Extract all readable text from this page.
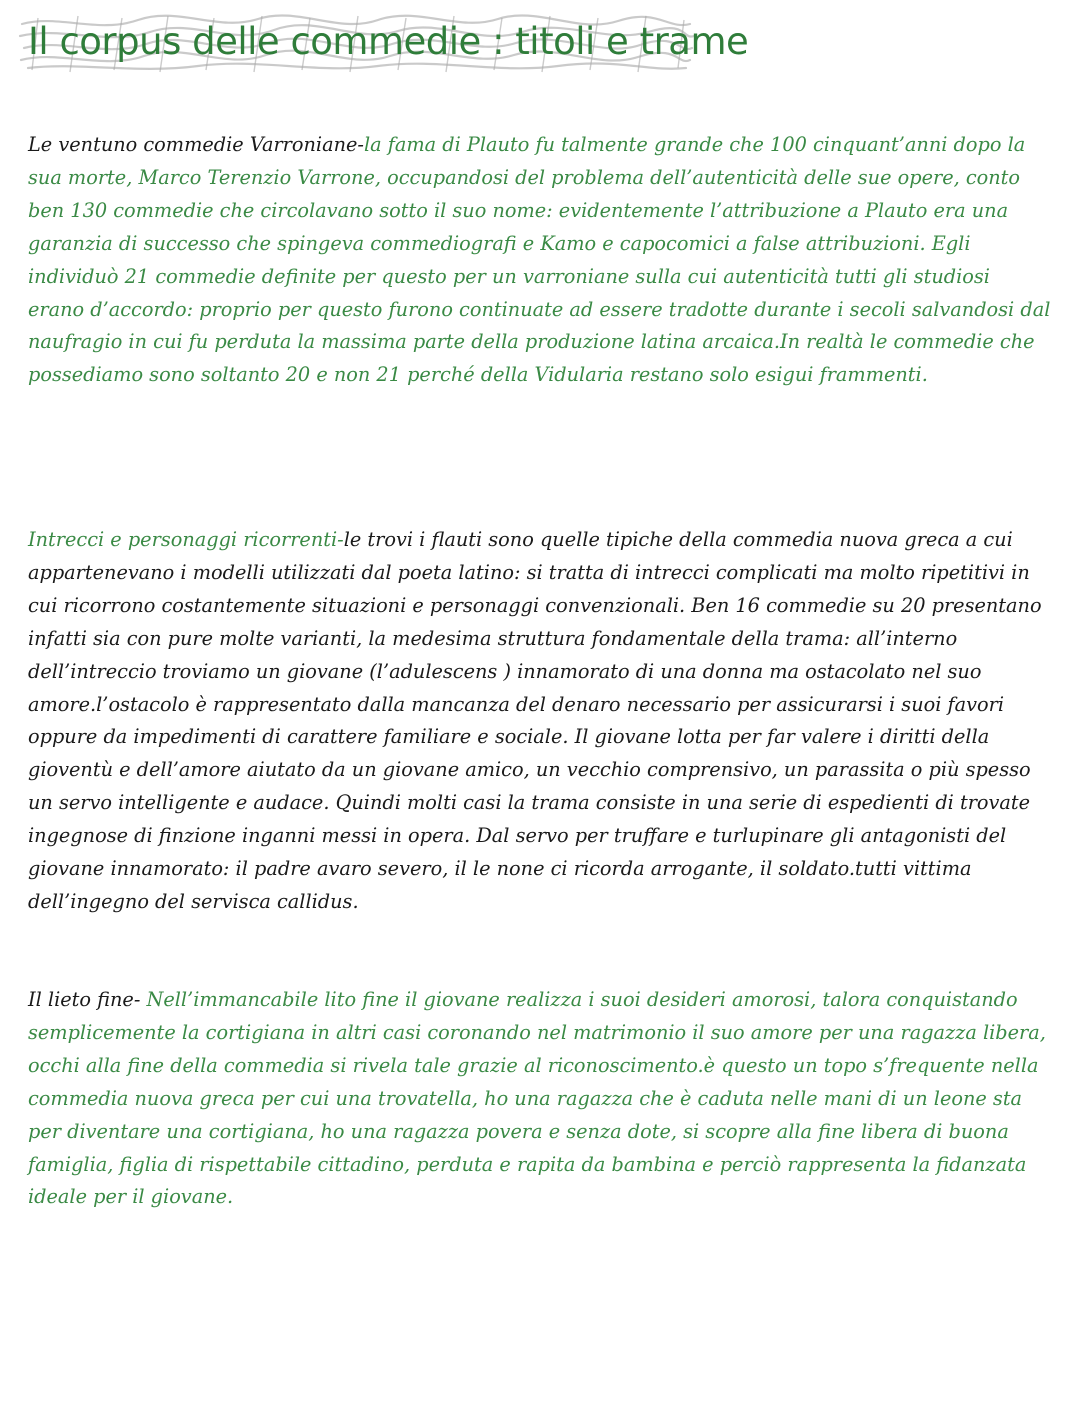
Il corpus delle commedie : titoli e trame

Le ventuno commedie Varroniane-la fama di Plauto fu talmente grande che 100 cinquant’anni dopo la sua morte, Marco Terenzio Varrone, occupandosi del problema dell’autenticità delle sue opere, conto ben 130 commedie che circolavano sotto il suo nome: evidentemente l’attribuzione a Plauto era una garanzia di successo che spingeva commediografi e Kamo e capocomici a false attribuzioni. Egli individuò 21 commedie definite per questo per un varroniane sulla cui autenticità tutti gli studiosi erano d’accordo: proprio per questo furono continuate ad essere tradotte durante i secoli salvandosi dal naufragio in cui fu perduta la massima parte della produzione latina arcaica.In realtà le commedie che possediamo sono soltanto 20 e non 21 perché della Vidularia restano solo esigui frammenti.

Intrecci e personaggi ricorrenti-le trovi i flauti sono quelle tipiche della commedia nuova greca a cui appartenevano i modelli utilizzati dal poeta latino: si tratta di intrecci complicati ma molto ripetitivi in cui ricorrono costantemente situazioni e personaggi convenzionali. Ben 16 commedie su 20 presentano infatti sia con pure molte varianti, la medesima struttura fondamentale della trama: all’interno dell’intreccio troviamo un giovane (l’adulescens ) innamorato di una donna ma ostacolato nel suo amore.l’ostacolo è rappresentato dalla mancanza del denaro necessario per assicurarsi i suoi favori oppure da impedimenti di carattere familiare e sociale. Il giovane lotta per far valere i diritti della gioventù e dell’amore aiutato da un giovane amico, un vecchio comprensivo, un parassita o più spesso un servo intelligente e audace. Quindi molti casi la trama consiste in una serie di espedienti di trovate ingegnose di finzione inganni messi in opera. Dal servo per truffare e turlupinare gli antagonisti del giovane innamorato: il padre avaro severo, il le none ci ricorda arrogante, il soldato.tutti vittima dell’ingegno del servisca callidus.

Il lieto fine- Nell’immancabile lito fine il giovane realizza i suoi desideri amorosi, talora conquistando semplicemente la cortigiana in altri casi coronando nel matrimonio il suo amore per una ragazza libera, occhi alla fine della commedia si rivela tale grazie al riconoscimento.è questo un topo s’frequente nella commedia nuova greca per cui una trovatella, ho una ragazza che è caduta nelle mani di un leone sta per diventare una cortigiana, ho una ragazza povera e senza dote, si scopre alla fine libera di buona famiglia, figlia di rispettabile cittadino, perduta e rapita da bambina e perciò rappresenta la fidanzata ideale per il giovane.
